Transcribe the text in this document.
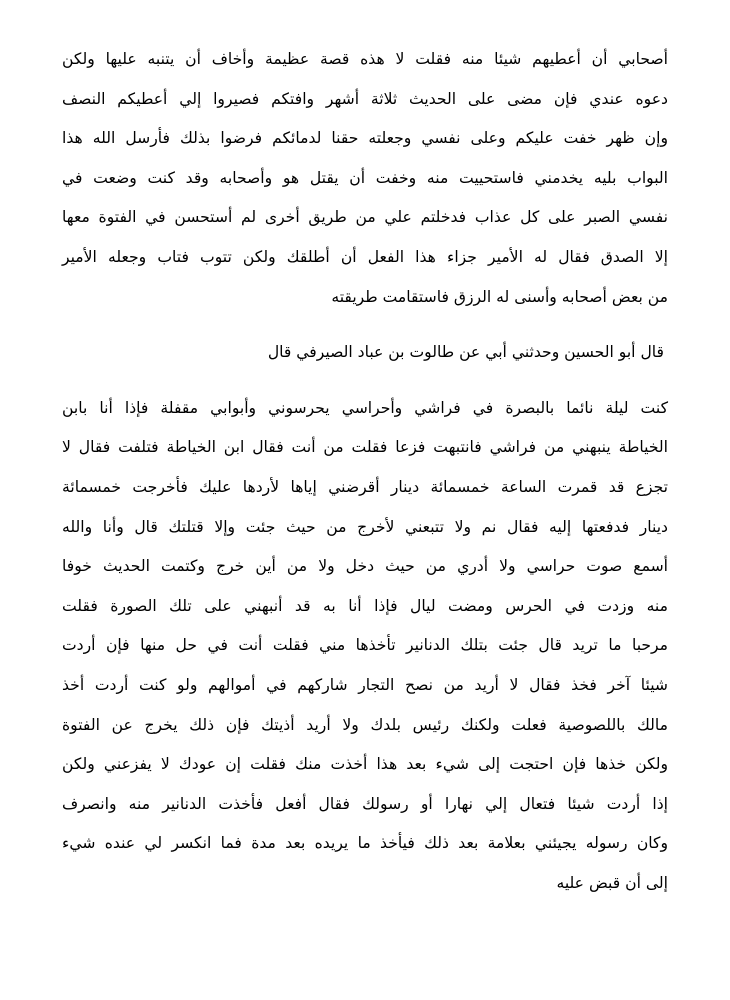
أصحابي أن أعطيهم شيئا منه فقلت لا هذه قصة عظيمة وأخاف أن يتنبه عليها ولكن
دعوه عندي فإن مضى على الحديث ثلاثة أشهر وافتكم فصيروا إلي أعطيكم النصف
وإن ظهر خفت عليكم وعلى نفسي وجعلته حقنا لدمائكم فرضوا بذلك فأرسل الله هذا
البواب بليه يخدمني فاستحييت منه وخفت أن يقتل هو وأصحابه وقد كنت وضعت في
نفسي الصبر على كل عذاب فدخلتم علي من طريق أخرى لم أستحسن في الفتوة معها
إلا الصدق فقال له الأمير جزاء هذا الفعل أن أطلقك ولكن تتوب فتاب وجعله الأمير
من بعض أصحابه وأسنى له الرزق فاستقامت طريقته

قال أبو الحسين وحدثني أبي عن طالوت بن عباد الصيرفي قال

كنت ليلة نائما بالبصرة في فراشي وأحراسي يحرسوني وأبوابي مقفلة فإذا أنا بابن
الخياطة ينبهني من فراشي فانتبهت فزعا فقلت من أنت فقال ابن الخياطة فتلفت فقال لا
تجزع قد قمرت الساعة خمسمائة دينار أقرضني إياها لأردها عليك فأخرجت خمسمائة
دينار فدفعتها إليه فقال نم ولا تتبعني لأخرج من حيث جئت وإلا قتلتك قال وأنا والله
أسمع صوت حراسي ولا أدري من حيث دخل ولا من أين خرج وكتمت الحديث خوفا
منه وزدت في الحرس ومضت ليال فإذا أنا به قد أنبهني على تلك الصورة فقلت
مرحبا ما تريد قال جئت بتلك الدنانير تأخذها مني فقلت أنت في حل منها فإن أردت
شيئا آخر فخذ فقال لا أريد من نصح التجار شاركهم في أموالهم ولو كنت أردت أخذ
مالك باللصوصية فعلت ولكنك رئيس بلدك ولا أريد أذيتك فإن ذلك يخرج عن الفتوة
ولكن خذها فإن احتجت إلى شيء بعد هذا أخذت منك فقلت إن عودك لا يفزعني ولكن
إذا أردت شيئا فتعال إلي نهارا أو رسولك فقال أفعل فأخذت الدنانير منه وانصرف
وكان رسوله يجيئني بعلامة بعد ذلك فيأخذ ما يريده بعد مدة فما انكسر لي عنده شيء
إلى أن قبض عليه
